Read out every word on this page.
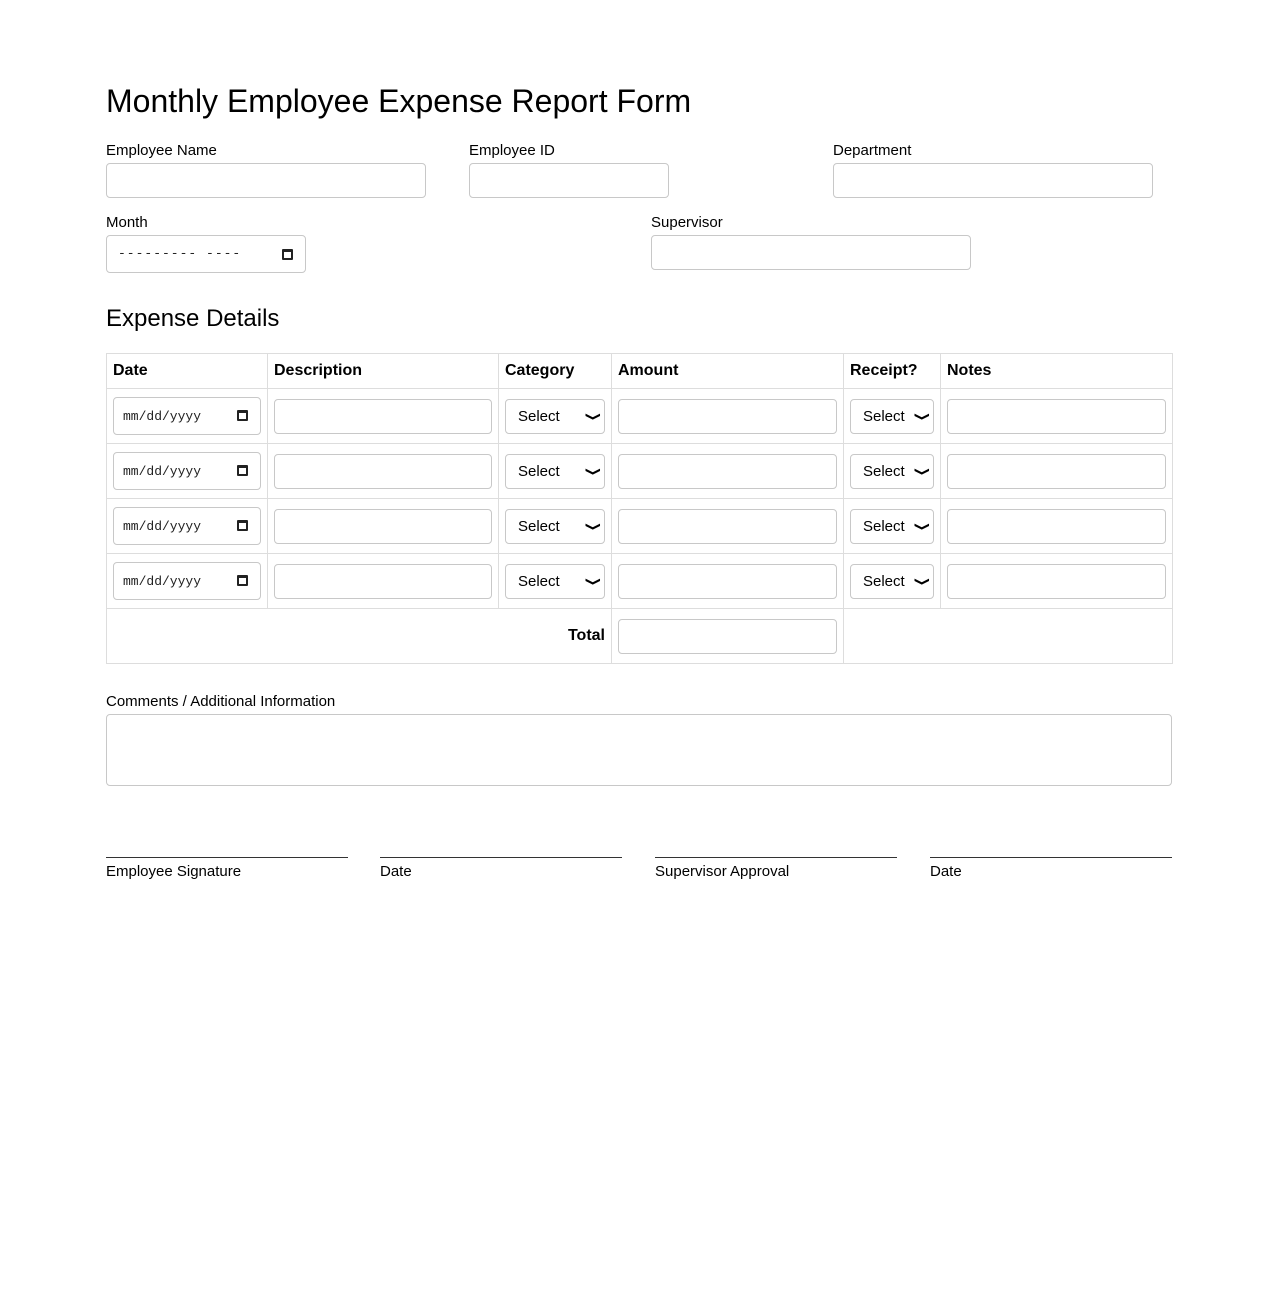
Monthly Employee Expense Report Form
Employee Name	Employee ID	Department
Month
--------- ----
Supervisor
Expense Details
Date	Description	Category	Amount	Receipt?	Notes

mm/dd/yyyy		Select ❯		Select ❯	

mm/dd/yyyy		Select ❯		Select ❯	

mm/dd/yyyy		Select ❯		Select ❯	

mm/dd/yyyy		Select ❯		Select ❯	

Total				

Comments / Additional Information
Employee Signature	Date	Supervisor Approval	Date
